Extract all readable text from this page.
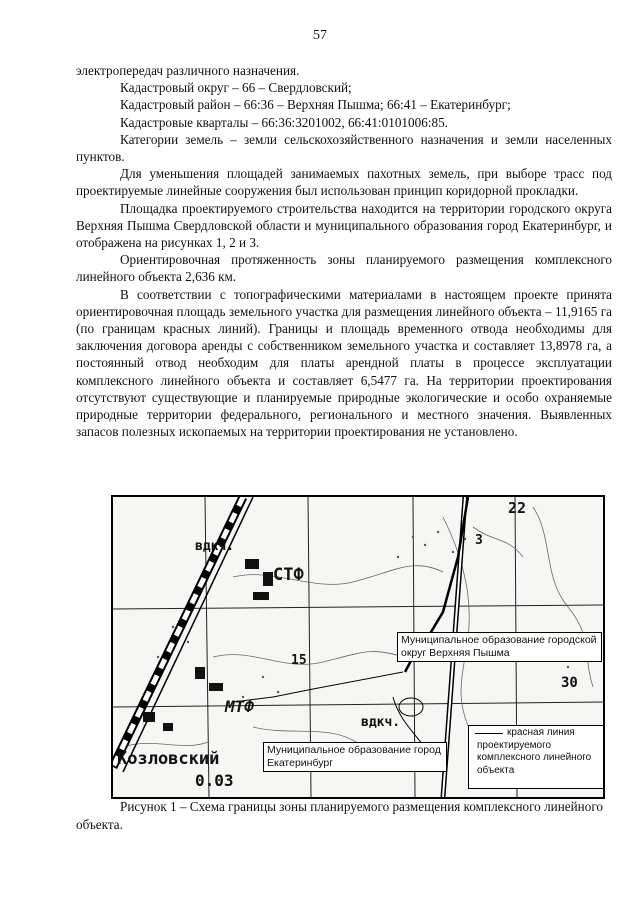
57

электропередач различного назначения.

Кадастровый округ – 66 – Свердловский;

Кадастровый район – 66:36 – Верхняя Пышма; 66:41 – Екатеринбург;

Кадастровые кварталы – 66:36:3201002, 66:41:0101006:85.

Категории земель – земли сельскохозяйственного назначения и земли населенных пунктов.

Для уменьшения площадей занимаемых пахотных земель, при выборе трасс под проектируемые линейные сооружения был использован принцип коридорной прокладки.

Площадка проектируемого строительства находится на территории городского округа Верхняя Пышма Свердловской области и муниципального образования город Екатеринбург, и отображена на рисунках 1, 2 и 3.

Ориентировочная протяженность зоны планируемого размещения комплексного линейного объекта 2,636 км.

В соответствии с топографическими материалами в настоящем проекте принята ориентировочная площадь земельного участка для размещения линейного объекта – 11,9165 га (по границам красных линий). Границы и площадь временного отвода необходимы для заключения договора аренды с собственником земельного участка и составляет 13,8978 га, а постоянный отвод необходим для платы арендной платы в процессе эксплуатации комплексного линейного объекта и составляет 6,5477 га. На территории проектирования отсутствуют существующие и планируемые природные экологические и особо охраняемые природные территории федерального, регионального и местного значения. Выявленных запасов полезных ископаемых на территории проектирования не установлено.

вдкч.
СТФ
МТФ
вдкч.
Козловский
0.03
22
30
15
3
Муниципальное образование городской округ Верхняя Пышма
Муниципальное образование город Екатеринбург
красная линия проектируемого комплексного линейного объекта

Рисунок 1 – Схема границы зоны планируемого размещения комплексного линейного объекта.
